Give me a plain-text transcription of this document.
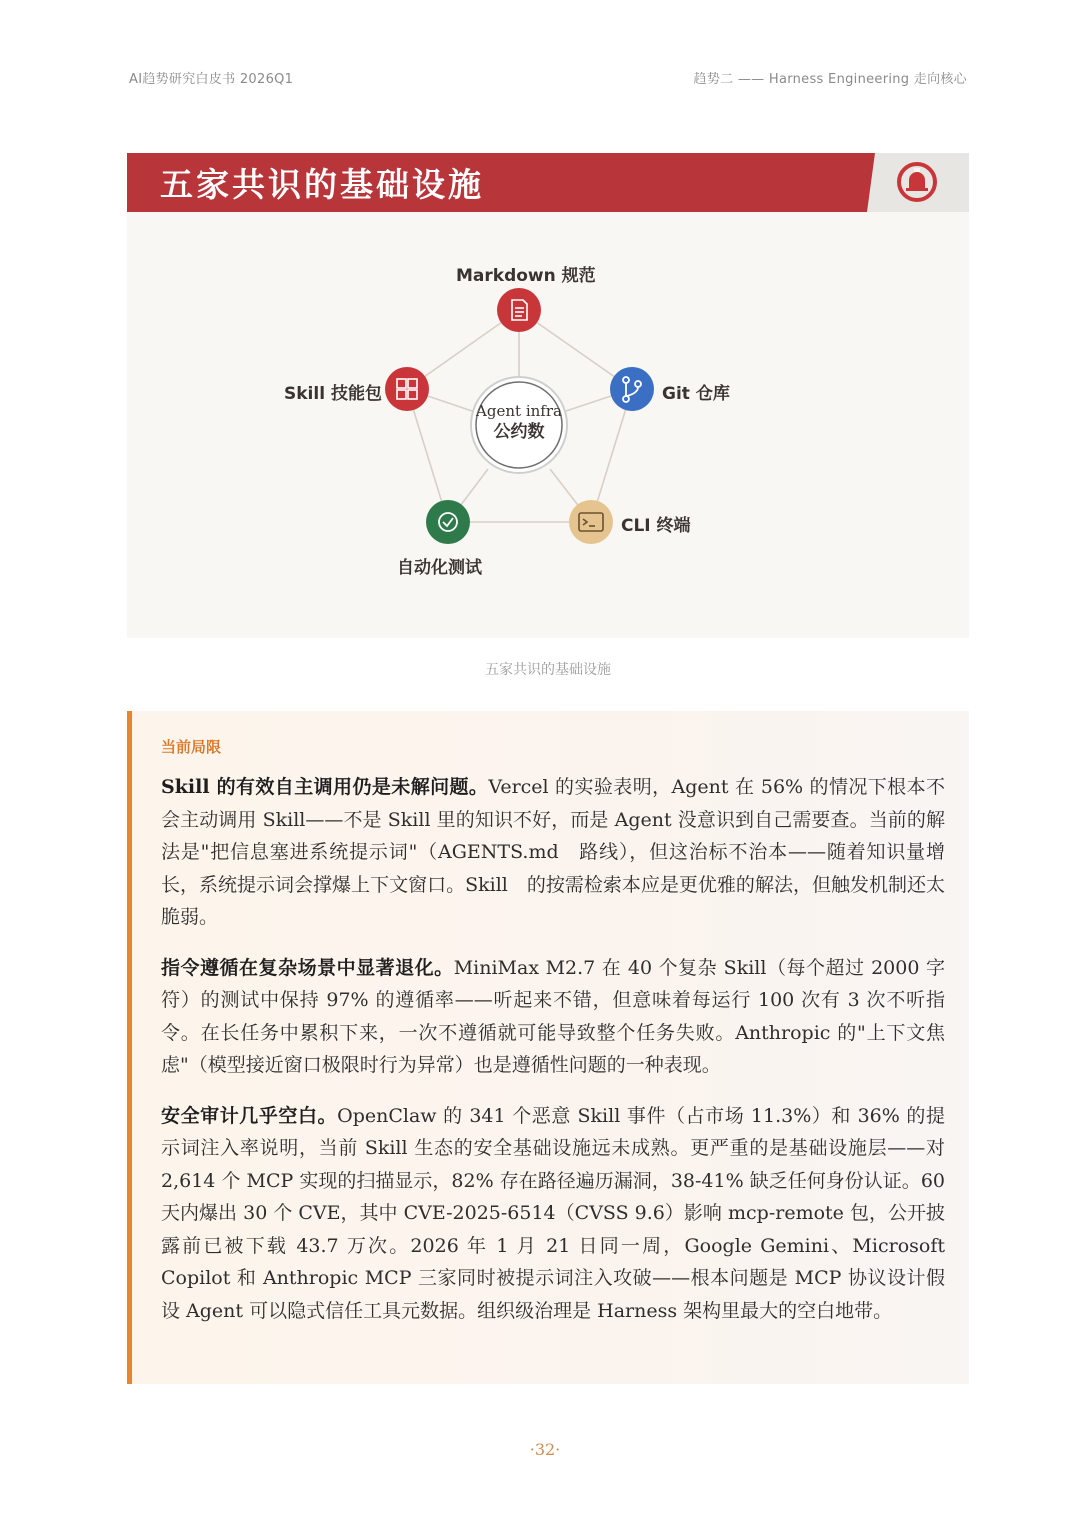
AI趋势研究白皮书 2026Q1	趋势二 —— Harness Engineering 走向核心
五家共识的基础设施
Agent infra
公约数
Markdown 规范
Git 仓库
CLI 终端
自动化测试
Skill 技能包
五家共识的基础设施
当前局限

Skill 的有效自主调用仍是未解问题。Vercel 的实验表明，Agent 在 56% 的情况下根本不会主动调用 Skill——不是 Skill 里的知识不好，而是 Agent 没意识到自己需要查。当前的解法是"把信息塞进系统提示词"（AGENTS.md　路线），但这治标不治本——随着知识量增长，系统提示词会撑爆上下文窗口。Skill　的按需检索本应是更优雅的解法，但触发机制还太脆弱。

指令遵循在复杂场景中显著退化。MiniMax M2.7 在 40 个复杂 Skill（每个超过 2000 字符）的测试中保持 97% 的遵循率——听起来不错，但意味着每运行 100 次有 3 次不听指令。在长任务中累积下来，一次不遵循就可能导致整个任务失败。Anthropic 的"上下文焦虑"（模型接近窗口极限时行为异常）也是遵循性问题的一种表现。

安全审计几乎空白。OpenClaw 的 341 个恶意 Skill 事件（占市场 11.3%）和 36% 的提示词注入率说明，当前 Skill 生态的安全基础设施远未成熟。更严重的是基础设施层——对 2,614 个 MCP 实现的扫描显示，82% 存在路径遍历漏洞，38-41% 缺乏任何身份认证。60 天内爆出 30 个 CVE，其中 CVE-2025-6514（CVSS 9.6）影响 mcp-remote 包，公开披露前已被下载 43.7 万次。2026 年 1 月 21 日同一周，Google Gemini、Microsoft Copilot 和 Anthropic MCP 三家同时被提示词注入攻破——根本问题是 MCP 协议设计假设 Agent 可以隐式信任工具元数据。组织级治理是 Harness 架构里最大的空白地带。

·32·
